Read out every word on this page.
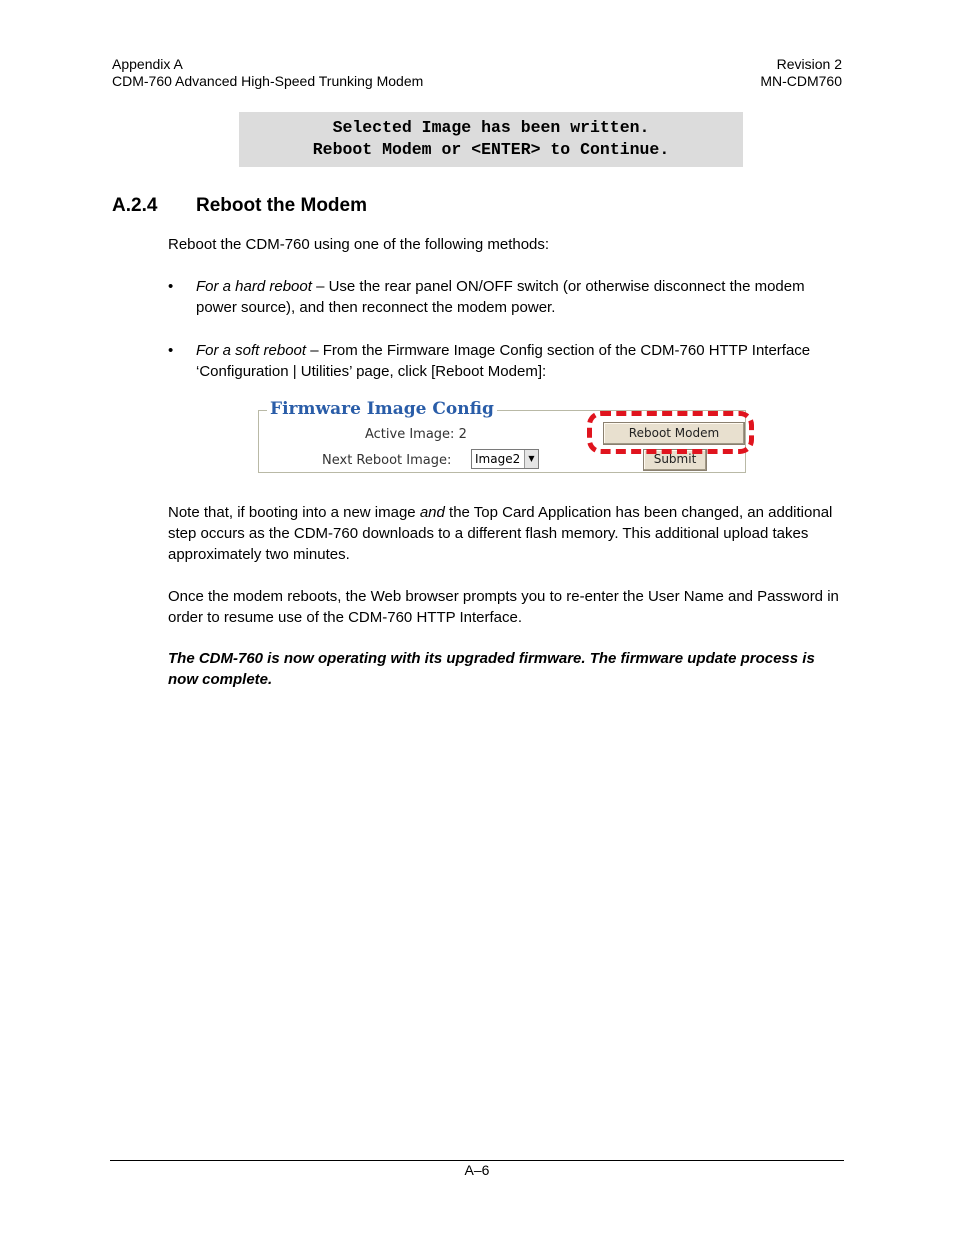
Appendix A
CDM-760 Advanced High-Speed Trunking Modem
Revision 2
MN-CDM760
Selected Image has been written.
Reboot Modem or <ENTER> to Continue.
A.2.4 Reboot the Modem
Reboot the CDM-760 using one of the following methods:
• For a hard reboot – Use the rear panel ON/OFF switch (or otherwise disconnect the modem power source), and then reconnect the modem power.
• For a soft reboot – From the Firmware Image Config section of the CDM-760 HTTP Interface ‘Configuration | Utilities’ page, click [Reboot Modem]:
Firmware Image Config
Active Image: 2
Next Reboot Image:	Image2	▼
Reboot Modem
Submit
Note that, if booting into a new image and the Top Card Application has been changed, an additional step occurs as the CDM-760 downloads to a different flash memory. This additional upload takes approximately two minutes.
Once the modem reboots, the Web browser prompts you to re-enter the User Name and Password in order to resume use of the CDM-760 HTTP Interface.
The CDM-760 is now operating with its upgraded firmware. The firmware update process is now complete.
A–6
